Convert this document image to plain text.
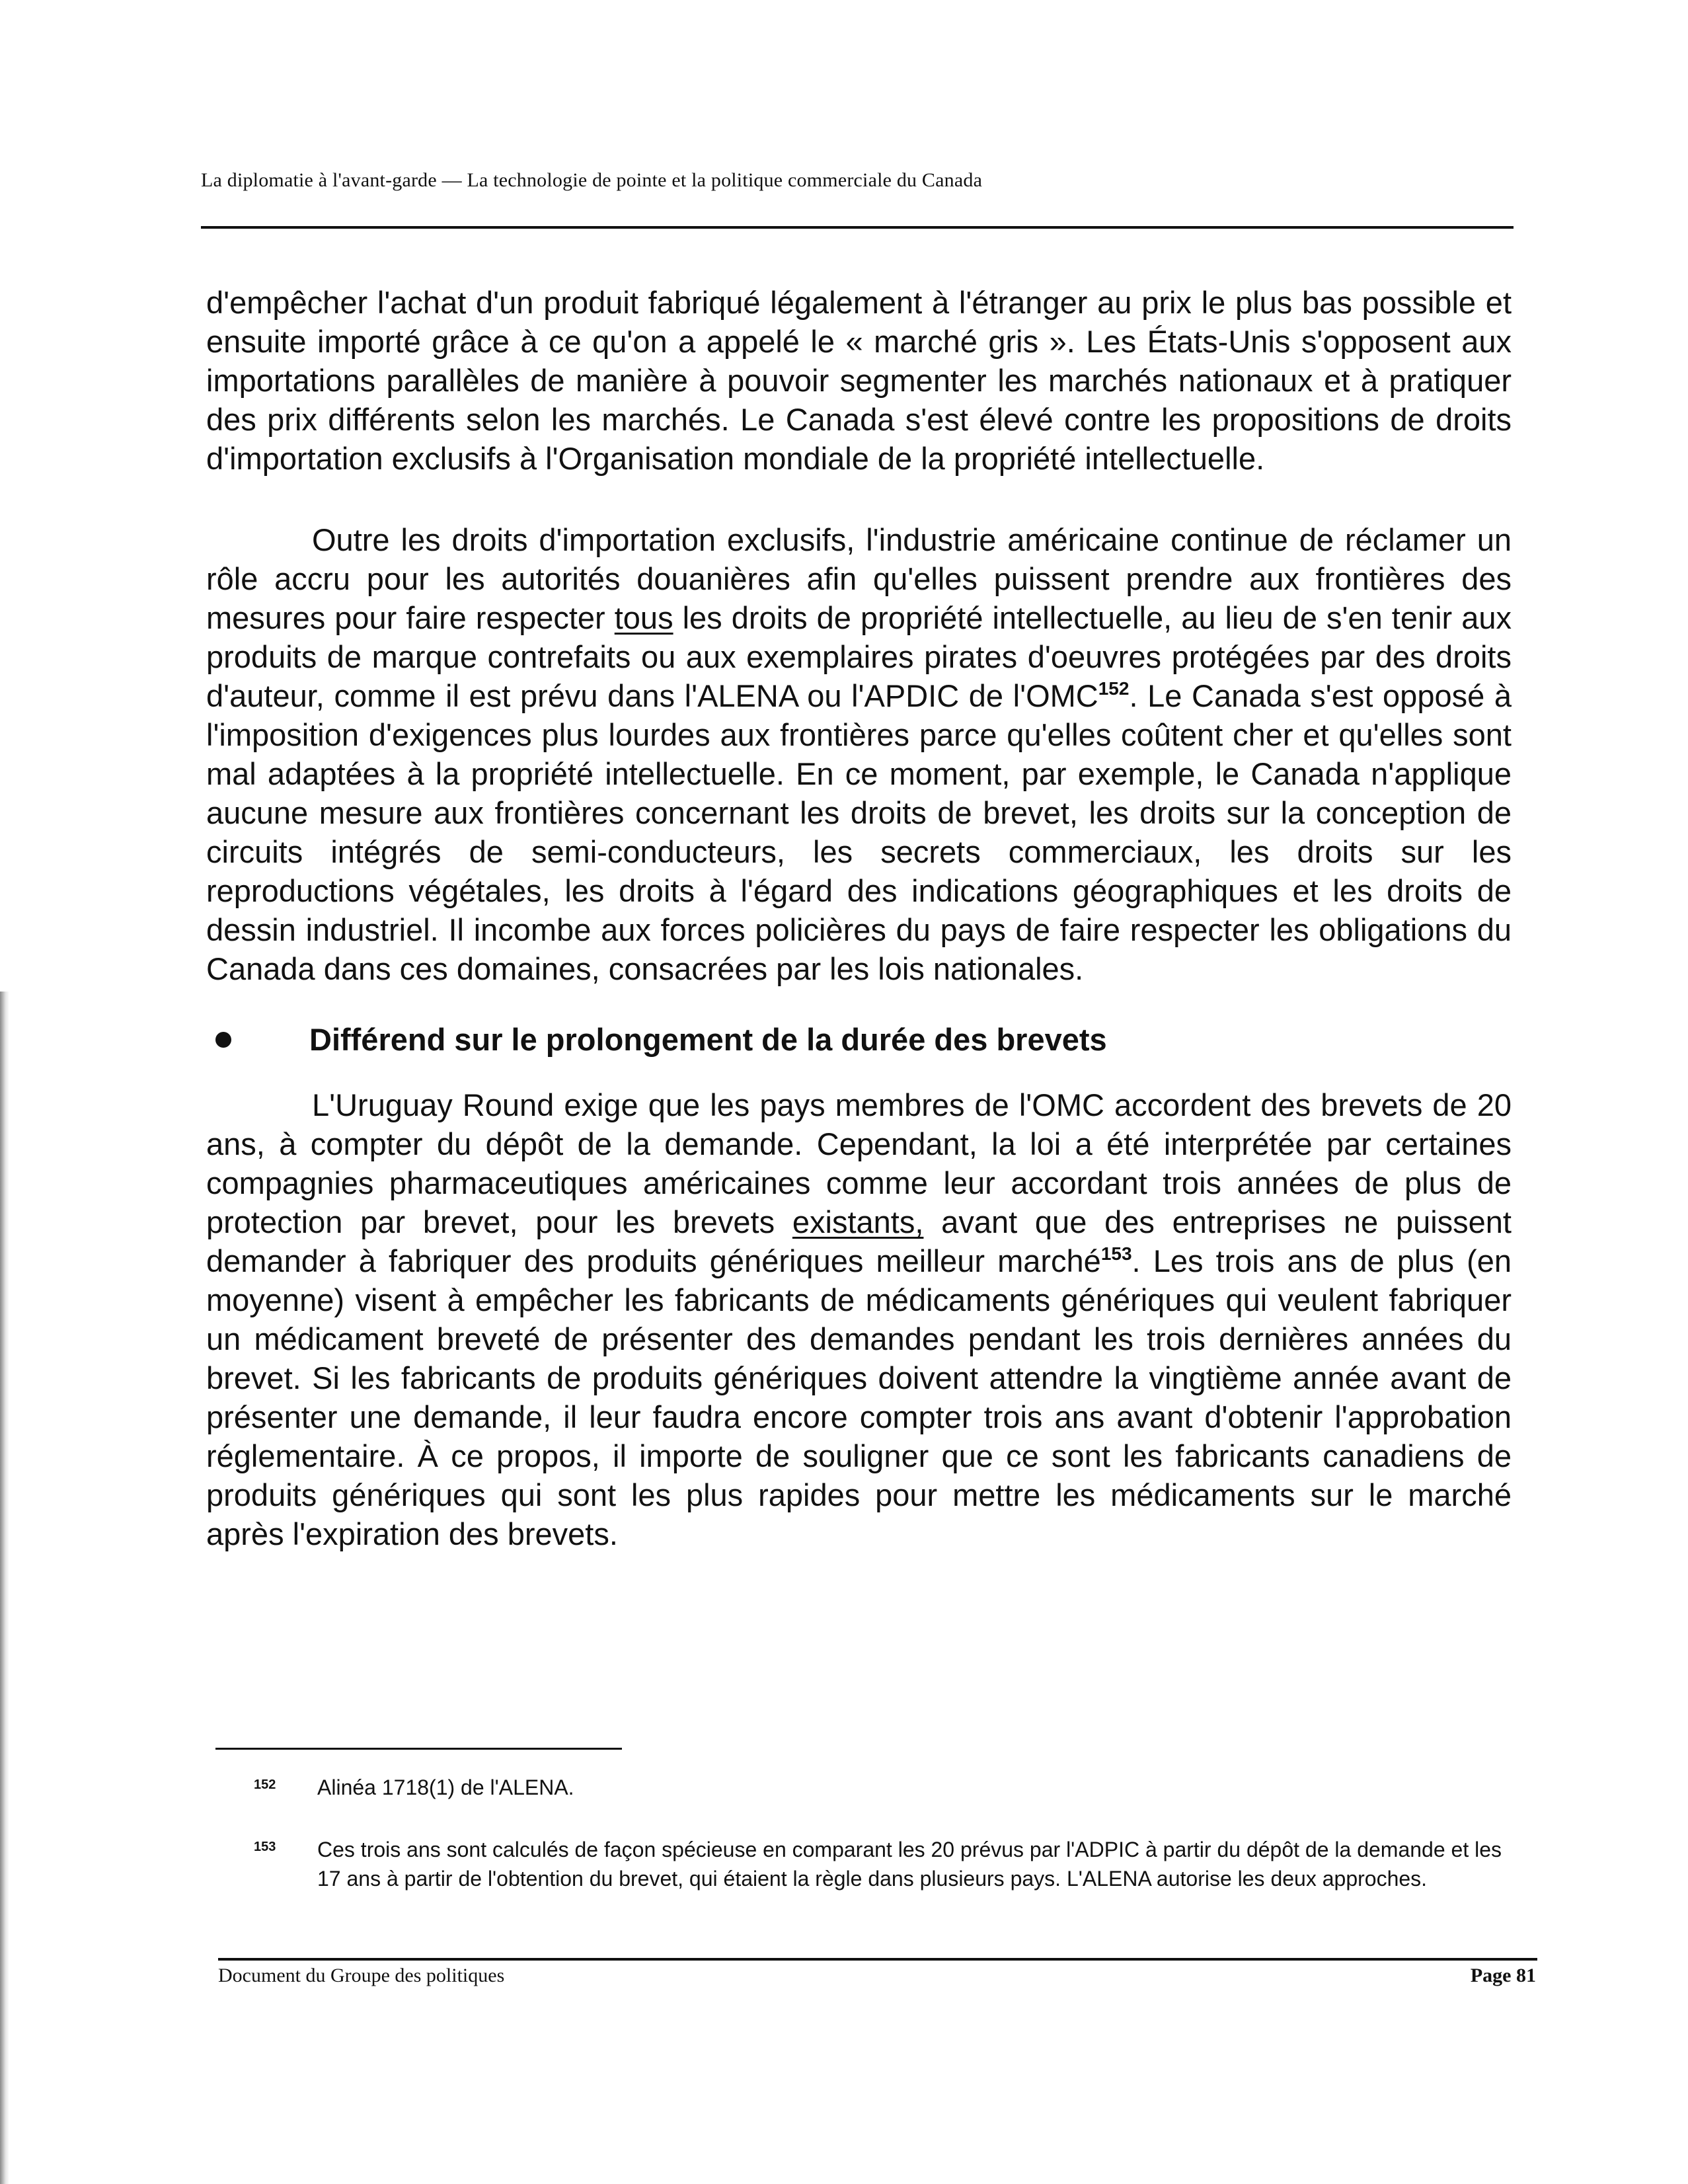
La diplomatie à l'avant-garde — La technologie de pointe et la politique commerciale du Canada

d'empêcher l'achat d'un produit fabriqué légalement à l'étranger au prix le plus bas possible et ensuite importé grâce à ce qu'on a appelé le « marché gris ». Les États-Unis s'opposent aux importations parallèles de manière à pouvoir segmenter les marchés nationaux et à pratiquer des prix différents selon les marchés. Le Canada s'est élevé contre les propositions de droits d'importation exclusifs à l'Organisation mondiale de la propriété intellectuelle.

Outre les droits d'importation exclusifs, l'industrie américaine continue de réclamer un rôle accru pour les autorités douanières afin qu'elles puissent prendre aux frontières des mesures pour faire respecter tous les droits de propriété intellectuelle, au lieu de s'en tenir aux produits de marque contrefaits ou aux exemplaires pirates d'oeuvres protégées par des droits d'auteur, comme il est prévu dans l'ALENA ou l'APDIC de l'OMC$^{152}$. Le Canada s'est opposé à l'imposition d'exigences plus lourdes aux frontières parce qu'elles coûtent cher et qu'elles sont mal adaptées à la propriété intellectuelle. En ce moment, par exemple, le Canada n'applique aucune mesure aux frontières concernant les droits de brevet, les droits sur la conception de circuits intégrés de semi-conducteurs, les secrets commerciaux, les droits sur les reproductions végétales, les droits à l'égard des indications géographiques et les droits de dessin industriel. Il incombe aux forces policières du pays de faire respecter les obligations du Canada dans ces domaines, consacrées par les lois nationales.

Différend sur le prolongement de la durée des brevets

L'Uruguay Round exige que les pays membres de l'OMC accordent des brevets de 20 ans, à compter du dépôt de la demande. Cependant, la loi a été interprétée par certaines compagnies pharmaceutiques américaines comme leur accordant trois années de plus de protection par brevet, pour les brevets existants, avant que des entreprises ne puissent demander à fabriquer des produits génériques meilleur marché$^{153}$. Les trois ans de plus (en moyenne) visent à empêcher les fabricants de médicaments génériques qui veulent fabriquer un médicament breveté de présenter des demandes pendant les trois dernières années du brevet. Si les fabricants de produits génériques doivent attendre la vingtième année avant de présenter une demande, il leur faudra encore compter trois ans avant d'obtenir l'approbation réglementaire. À ce propos, il importe de souligner que ce sont les fabricants canadiens de produits génériques qui sont les plus rapides pour mettre les médicaments sur le marché après l'expiration des brevets.

152 Alinéa 1718(1) de l'ALENA.
153 Ces trois ans sont calculés de façon spécieuse en comparant les 20 prévus par l'ADPIC à partir du dépôt de la demande et les 17 ans à partir de l'obtention du brevet, qui étaient la règle dans plusieurs pays. L'ALENA autorise les deux approches.
Document du Groupe des politiques	Page 81
